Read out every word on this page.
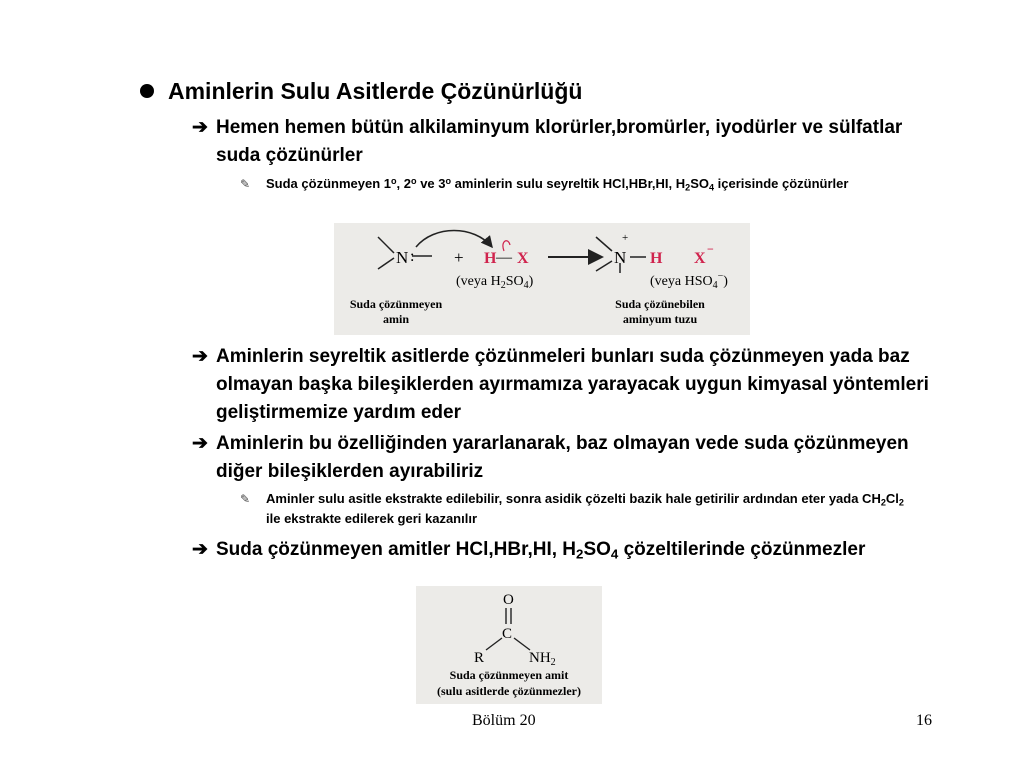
Aminlerin Sulu Asitlerde Çözünürlüğü
➔ Hemen hemen bütün alkilaminyum klorürler,bromürler, iyodürler ve sülfatlar suda çözünürler
✎ Suda çözünmeyen 1$^o$, 2$^o$ ve 3$^o$ aminlerin sulu seyreltik HCl,HBr,HI, $H_2SO_4$ içerisinde çözünürler
N : + H — X
(veya $H_2SO_4$)
+
N H X
−
(veya $HSO_4^-$)
Suda çözünmeyen
amin
Suda çözünebilen
aminyum tuzu
➔ Aminlerin seyreltik asitlerde çözünmeleri bunları suda çözünmeyen yada baz olmayan başka bileşiklerden ayırmamıza yarayacak uygun kimyasal yöntemleri geliştirmemize yardım eder
➔ Aminlerin bu özelliğinden yararlanarak, baz olmayan vede suda çözünmeyen diğer bileşiklerden ayırabiliriz
✎ Aminler sulu asitle ekstrakte edilebilir, sonra asidik çözelti bazik hale getirilir ardından eter yada $CH_2Cl_2$ ile ekstrakte edilerek geri kazanılır
➔ Suda çözünmeyen amitler HCl,HBr,HI, $H_2SO_4$ çözeltilerinde çözünmezler
O
C
R	$NH_2$
Suda çözünmeyen amit
(sulu asitlerde çözünmezler)
Bölüm 20	16
